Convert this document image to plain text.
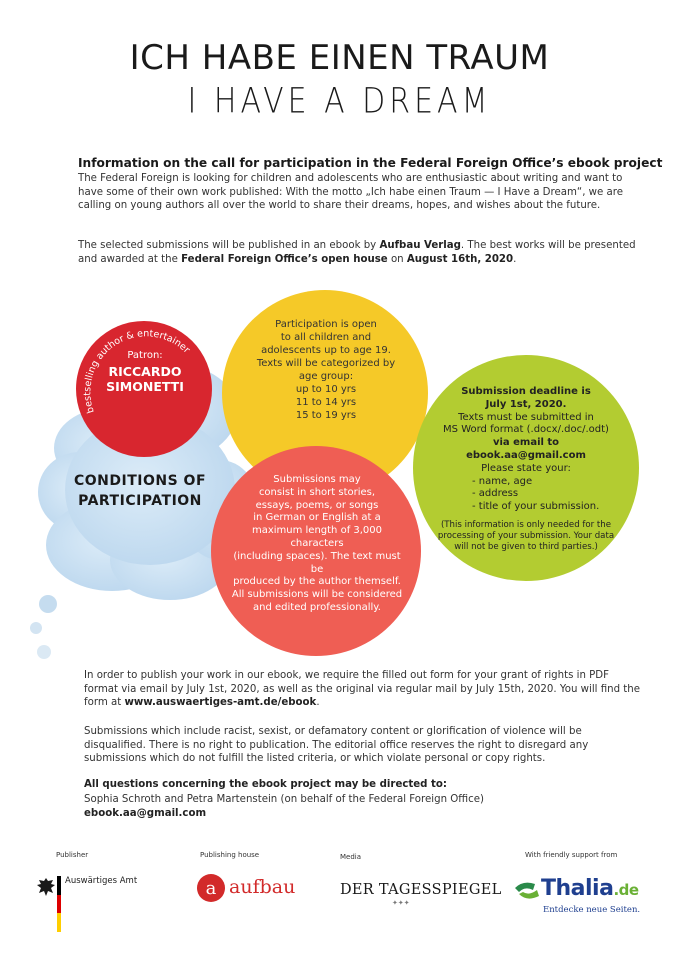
ICH HABE EINEN TRAUM
I HAVE A DREAM
Information on the call for participation in the Federal Foreign Office’s ebook project
The Federal Foreign is looking for children and adolescents who are enthusiastic about writing and want to have some of their own work published: With the motto „Ich habe einen Traum — I Have a Dream“, we are calling on young authors all over the world to share their dreams, hopes, and wishes about the future.
The selected submissions will be published in an ebook by Aufbau Verlag. The best works will be presented and awarded at the Federal Foreign Office’s open house on August 16th, 2020.
bestselling author & entertainer
Patron:
RICCARDO
SIMONETTI
CONDITIONS OF
PARTICIPATION
Participation is open
to all children and
adolescents up to age 19.
Texts will be categorized by
age group:
up to 10 yrs
11 to 14 yrs
15 to 19 yrs
Submission deadline is
July 1st, 2020.
Texts must be submitted in
MS Word format (.docx/.doc/.odt)
via email to
ebook.aa@gmail.com
Please state your:
- name, age
- address
- title of your submission.
(This information is only needed for the processing of your submission. Your data will not be given to third parties.)
Submissions may
consist in short stories,
essays, poems, or songs
in German or English at a
maximum length of 3,000 characters
(including spaces). The text must be
produced by the author themself.
All submissions will be considered
and edited professionally.
In order to publish your work in our ebook, we require the filled out form for your grant of rights in PDF format via email by July 1st, 2020, as well as the original via regular mail by July 15th, 2020. You will find the form at www.auswaertiges-amt.de/ebook.
Submissions which include racist, sexist, or defamatory content or glorification of violence will be disqualified. There is no right to publication. The editorial office reserves the right to disregard any submissions which do not fulfill the listed criteria, or which violate personal or copy rights.
All questions concerning the ebook project may be directed to:
Sophia Schroth and Petra Martenstein (on behalf of the Federal Foreign Office)
ebook.aa@gmail.com
Publisher	Publishing house	Media	With friendly support from
Auswärtiges Amt	a aufbau	DER TAGESSPIEGEL
✦✦✦
Thalia.de
Entdecke neue Seiten.
